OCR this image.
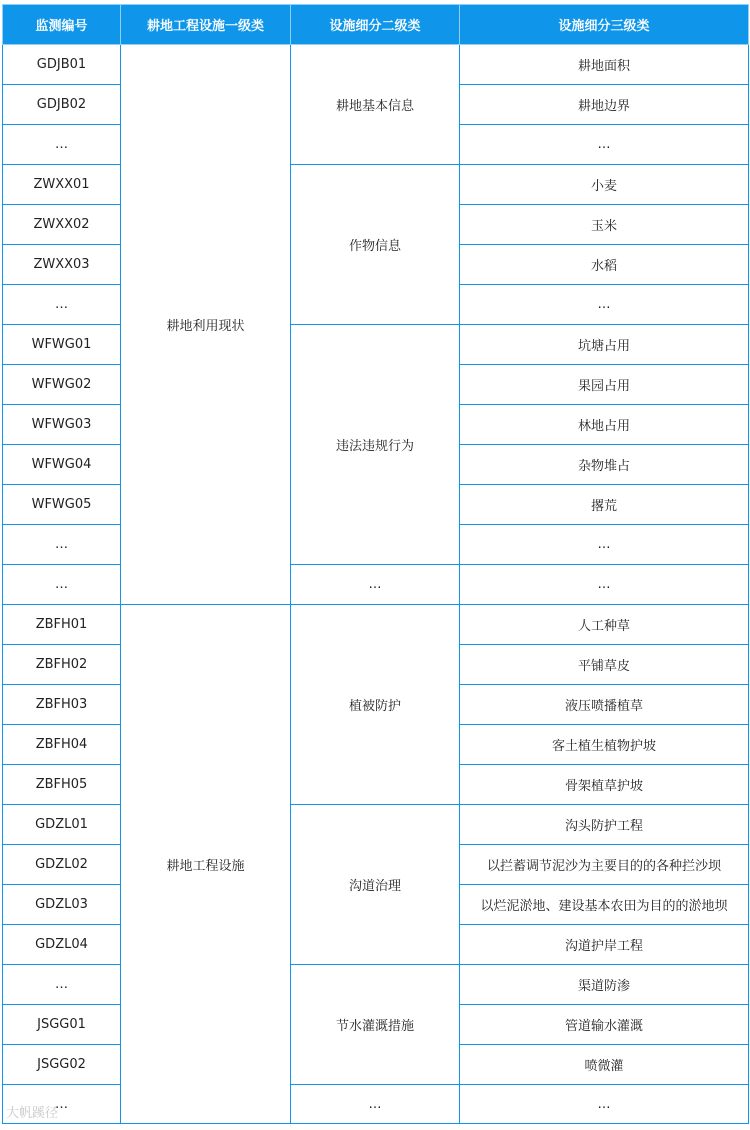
监测编号	耕地工程设施一级类	设施细分二级类	设施细分三级类
GDJB01	耕地利用现状	耕地基本信息	耕地面积
GDJB02			耕地边界
…			…
ZWXX01		作物信息	小麦
ZWXX02			玉米
ZWXX03			水稻
…			…
WFWG01		违法违规行为	坑塘占用
WFWG02			果园占用
WFWG03			林地占用
WFWG04			杂物堆占
WFWG05			撂荒
…			…
…		…	…
ZBFH01	耕地工程设施	植被防护	人工种草
ZBFH02			平铺草皮
ZBFH03			液压喷播植草
ZBFH04			客土植生植物护坡
ZBFH05			骨架植草护坡
GDZL01		沟道治理	沟头防护工程
GDZL02			以拦蓄调节泥沙为主要目的的各种拦沙坝
GDZL03			以烂泥淤地、建设基本农田为目的的淤地坝
GDZL04			沟道护岸工程
…		节水灌溉措施	渠道防渗
JSGG01			管道输水灌溉
JSGG02			喷微灌
…		…	…
大帆蹊径
